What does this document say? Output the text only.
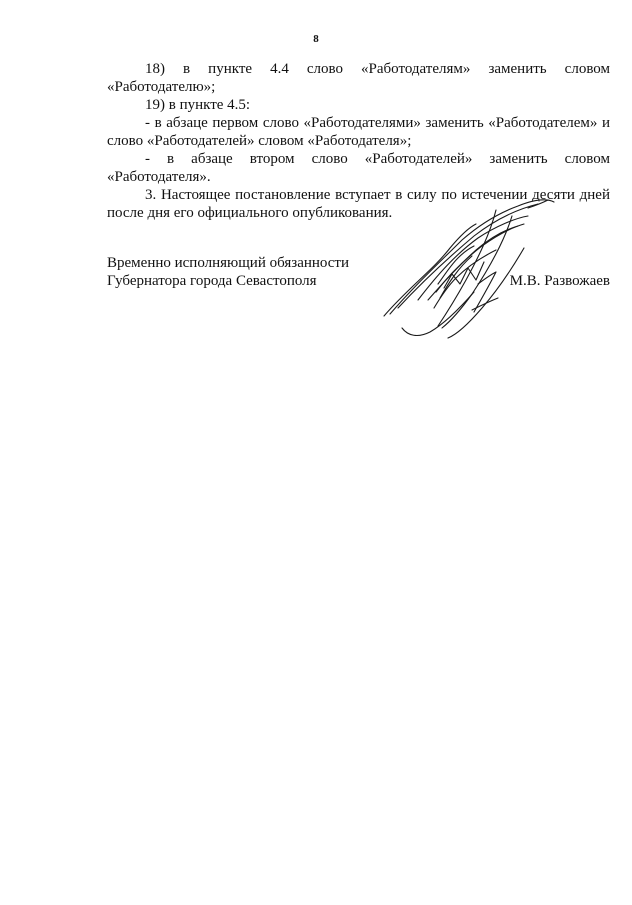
8

18) в пункте 4.4 слово «Работодателям» заменить словом «Работодателю»;

19) в пункте 4.5:

- в абзаце первом слово «Работодателями» заменить «Работодателем» и слово «Работодателей» словом «Работодателя»;

- в абзаце втором слово «Работодателей» заменить словом «Работодателя».

3. Настоящее постановление вступает в силу по истечении десяти дней после дня его официального опубликования.

Временно исполняющий обязанности

Губернатора города Севастополя	М.В. Развожаев
